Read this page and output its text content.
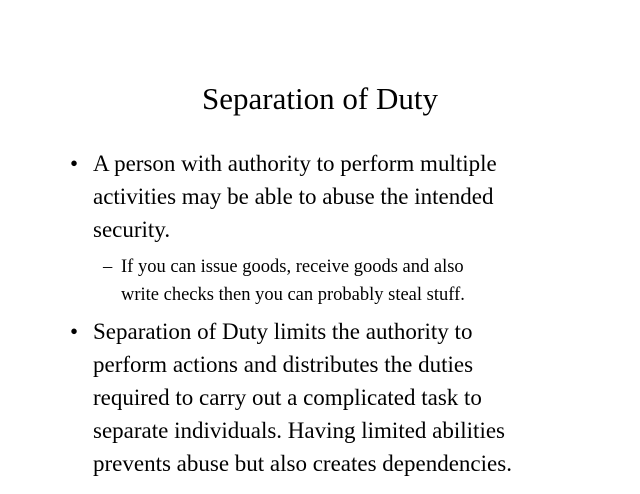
Separation of Duty
• A person with authority to perform multiple
activities may be able to abuse the intended
security.
– If you can issue goods, receive goods and also
write checks then you can probably steal stuff.
• Separation of Duty limits the authority to
perform actions and distributes the duties
required to carry out a complicated task to
separate individuals. Having limited abilities
prevents abuse but also creates dependencies.
